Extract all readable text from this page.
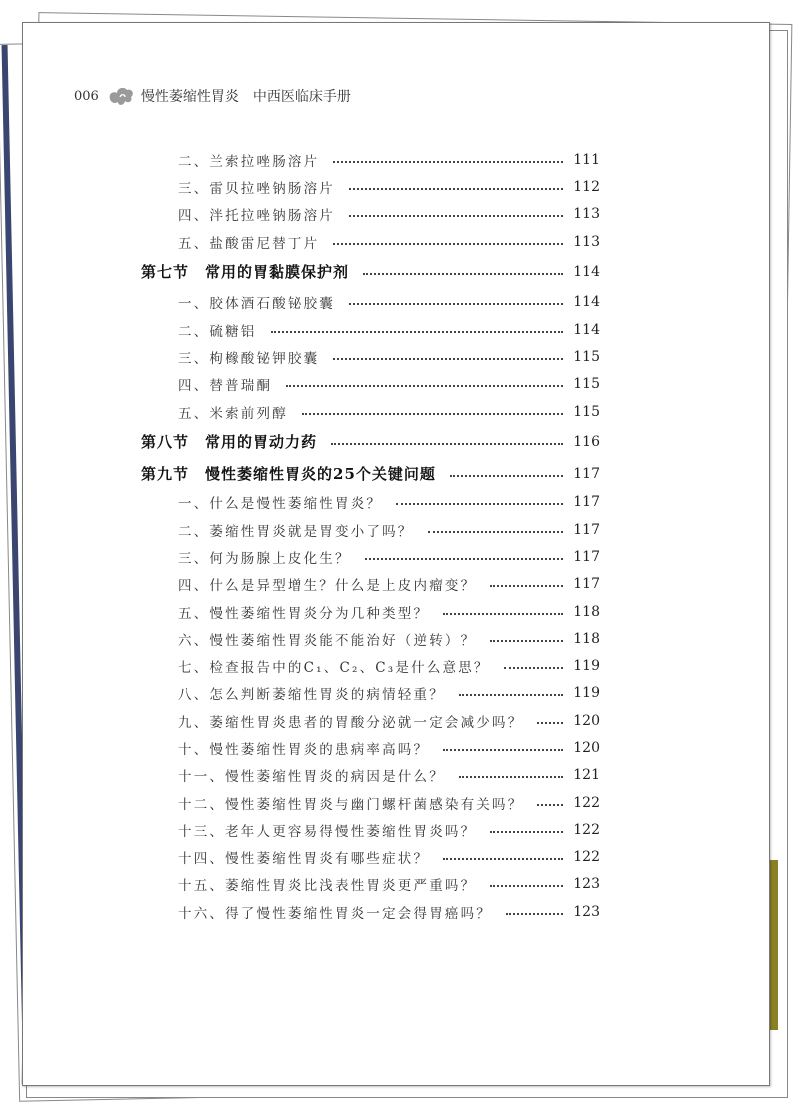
006	慢性萎缩性胃炎 中西医临床手册
二、兰索拉唑肠溶片	111
三、雷贝拉唑钠肠溶片	112
四、泮托拉唑钠肠溶片	113
五、盐酸雷尼替丁片	113
第七节　常用的胃黏膜保护剂	114
一、胶体酒石酸铋胶囊	114
二、硫糖铝	114
三、枸橼酸铋钾胶囊	115
四、替普瑞酮	115
五、米索前列醇	115
第八节　常用的胃动力药	116
第九节　慢性萎缩性胃炎的25个关键问题	117
一、什么是慢性萎缩性胃炎？	117
二、萎缩性胃炎就是胃变小了吗？	117
三、何为肠腺上皮化生？	117
四、什么是异型增生？什么是上皮内瘤变？	117
五、慢性萎缩性胃炎分为几种类型？	118
六、慢性萎缩性胃炎能不能治好（逆转）？	118
七、检查报告中的C₁、C₂、C₃是什么意思？	119
八、怎么判断萎缩性胃炎的病情轻重？	119
九、萎缩性胃炎患者的胃酸分泌就一定会减少吗？	120
十、慢性萎缩性胃炎的患病率高吗？	120
十一、慢性萎缩性胃炎的病因是什么？	121
十二、慢性萎缩性胃炎与幽门螺杆菌感染有关吗？	122
十三、老年人更容易得慢性萎缩性胃炎吗？	122
十四、慢性萎缩性胃炎有哪些症状？	122
十五、萎缩性胃炎比浅表性胃炎更严重吗？	123
十六、得了慢性萎缩性胃炎一定会得胃癌吗？	123
